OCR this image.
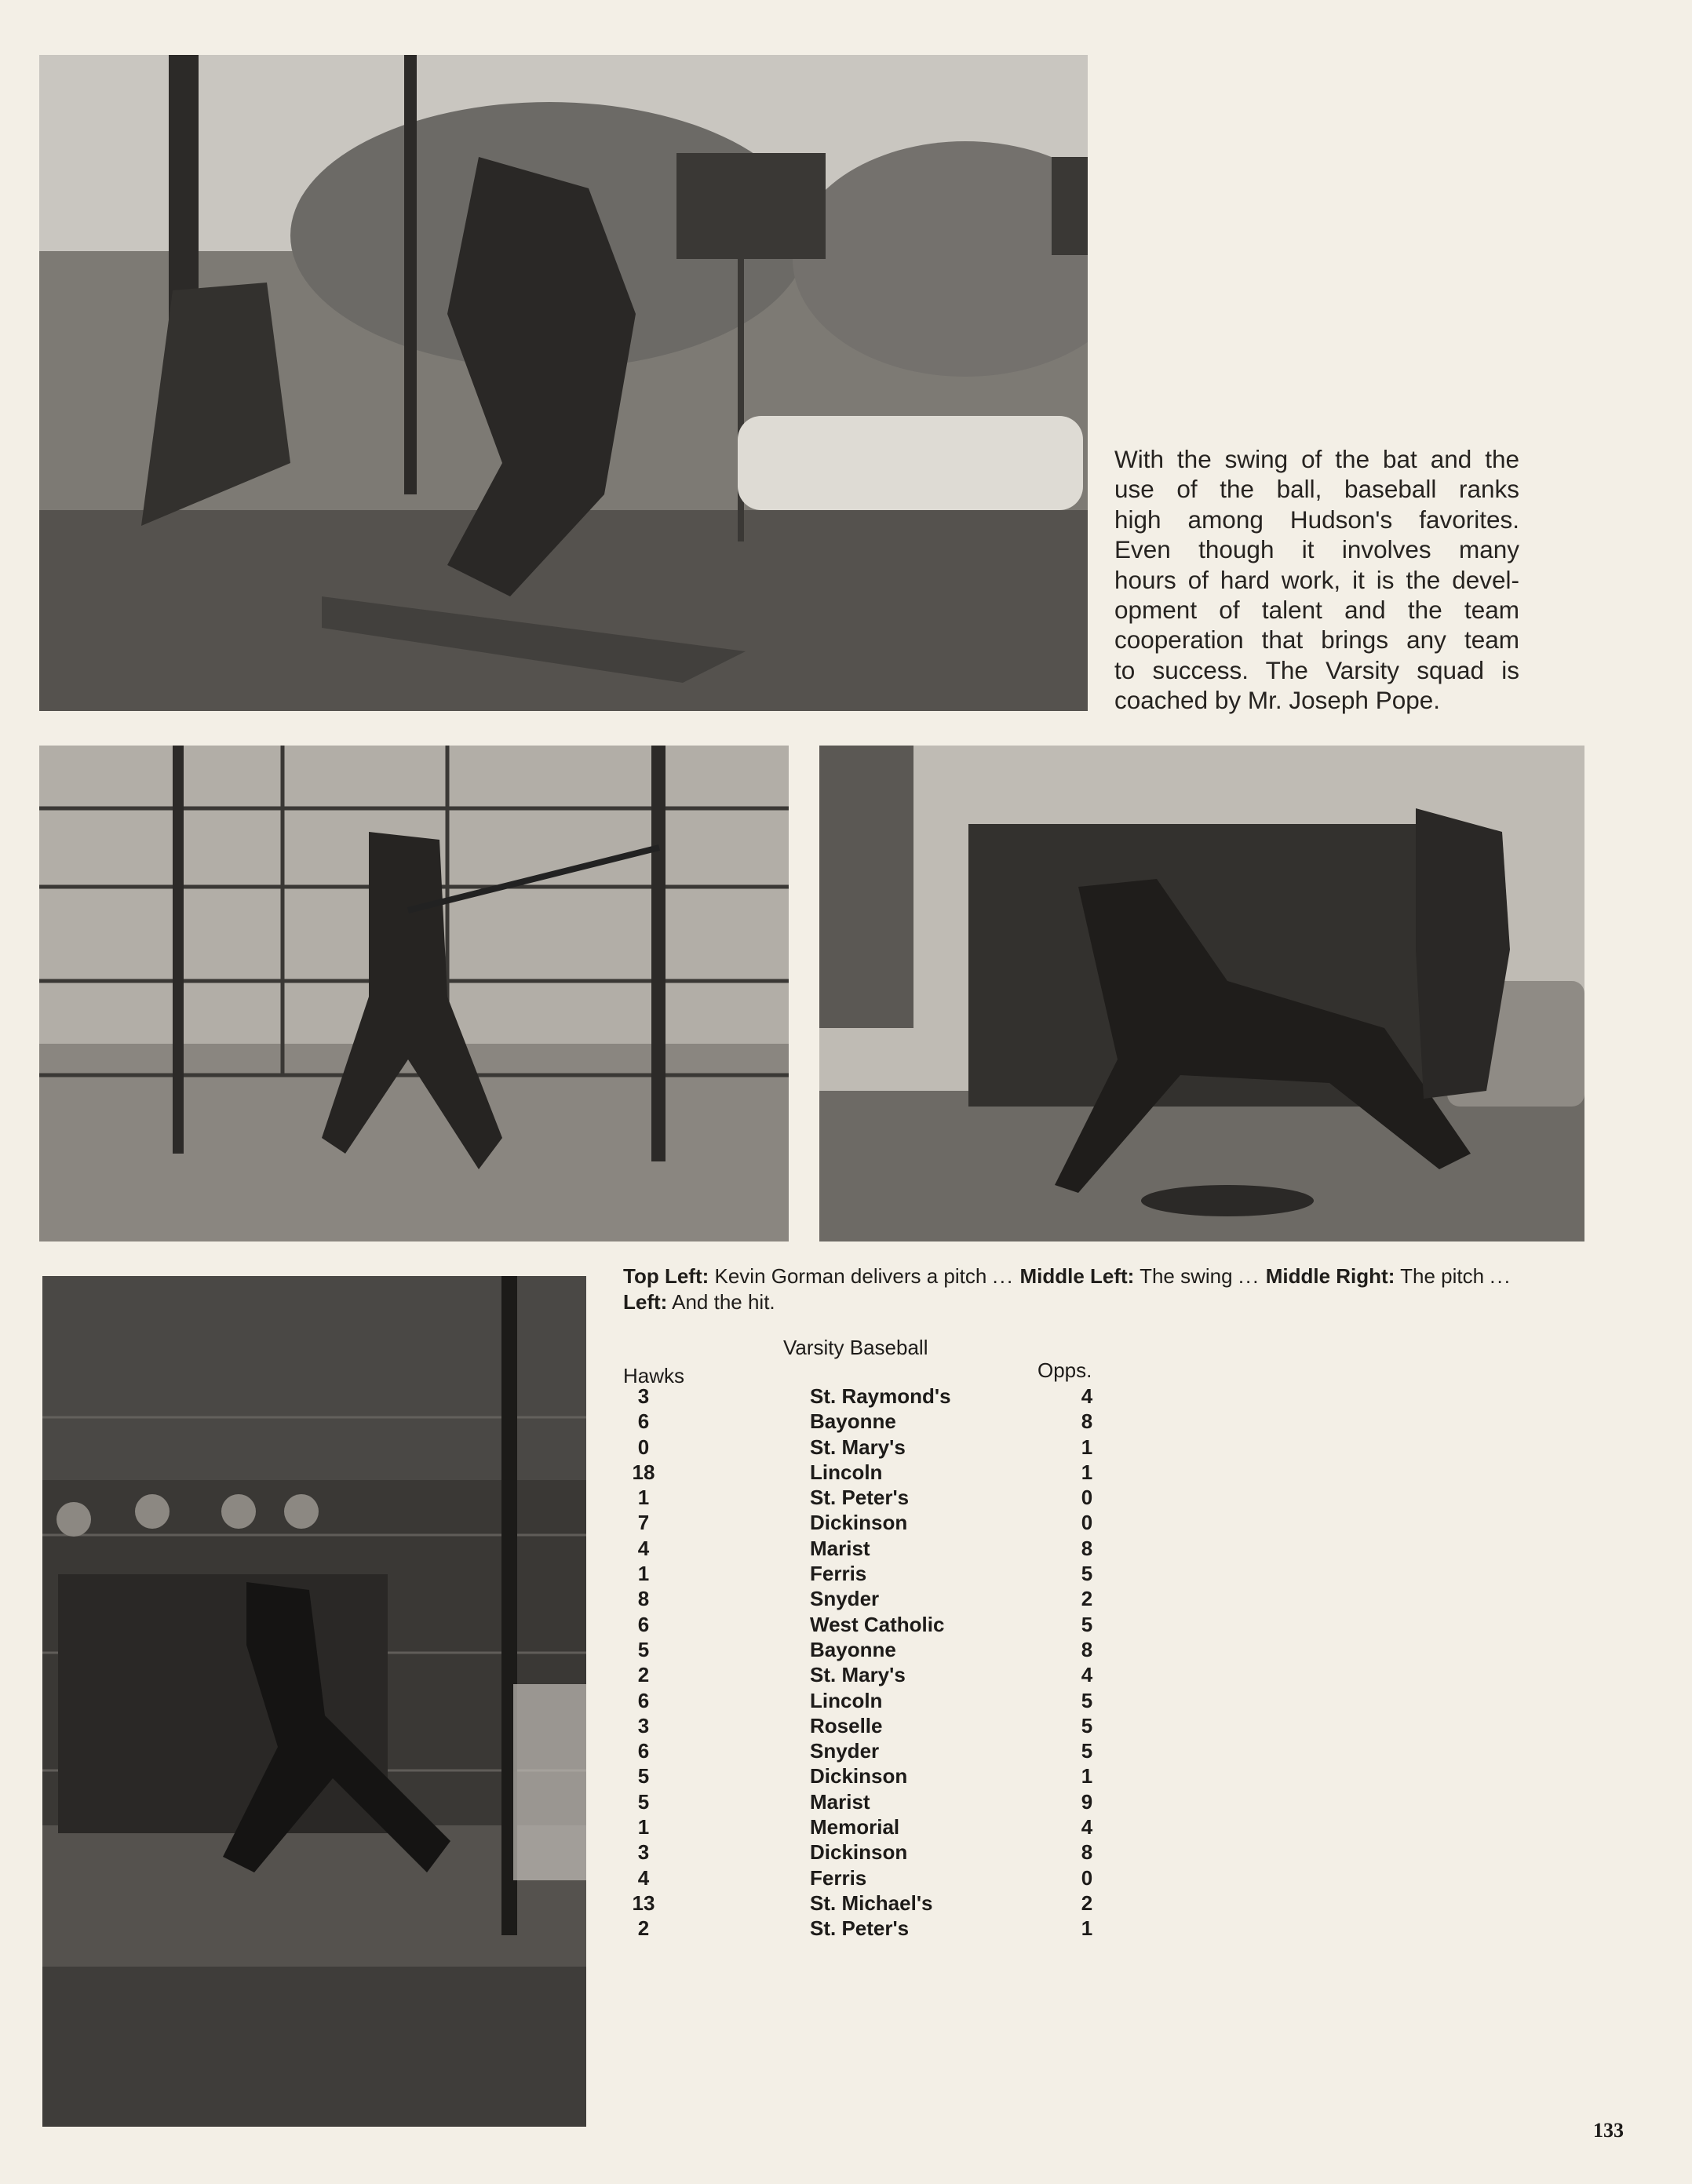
With the swing of the bat and the
use of the ball, baseball ranks
high among Hudson's favorites.
Even though it involves many
hours of hard work, it is the devel-
opment of talent and the team
cooperation that brings any team
to success. The Varsity squad is
coached by Mr. Joseph Pope.

Top Left: Kevin Gorman delivers a pitch ... Middle Left: The swing ... Middle Right: The pitch ... Left: And the hit.

Varsity Baseball
Hawks	Opps.
3	St. Raymond's	4
6	Bayonne	8
0	St. Mary's	1
18	Lincoln	1
1	St. Peter's	0
7	Dickinson	0
4	Marist	8
1	Ferris	5
8	Snyder	2
6	West Catholic	5
5	Bayonne	8
2	St. Mary's	4
6	Lincoln	5
3	Roselle	5
6	Snyder	5
5	Dickinson	1
5	Marist	9
1	Memorial	4
3	Dickinson	8
4	Ferris	0
13	St. Michael's	2
2	St. Peter's	1
133
